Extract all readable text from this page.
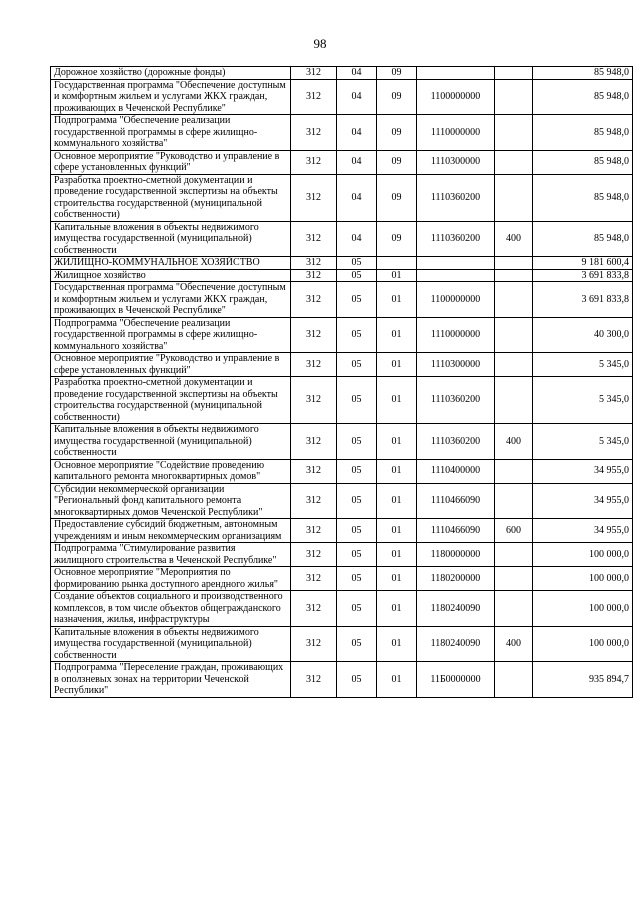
98
Дорожное хозяйство (дорожные фонды)	312	04	09			85 948,0
Государственная программа "Обеспечение доступным и комфортным жильем и услугами ЖКХ граждан, проживающих в Чеченской Республике"	312	04	09	1100000000		85 948,0
Подпрограмма "Обеспечение реализации государственной программы в сфере жилищно-коммунального хозяйства"	312	04	09	1110000000		85 948,0
Основное мероприятие "Руководство и управление в сфере установленных функций"	312	04	09	1110300000		85 948,0
Разработка проектно-сметной документации и проведение государственной экспертизы на объекты строительства государственной (муниципальной собственности)	312	04	09	1110360200		85 948,0
Капитальные вложения в объекты недвижимого имущества государственной (муниципальной) собственности	312	04	09	1110360200	400	85 948,0
ЖИЛИЩНО-КОММУНАЛЬНОЕ ХОЗЯЙСТВО	312	05				9 181 600,4
Жилищное хозяйство	312	05	01			3 691 833,8
Государственная программа "Обеспечение доступным и комфортным жильем и услугами ЖКХ граждан, проживающих в Чеченской Республике"	312	05	01	1100000000		3 691 833,8
Подпрограмма "Обеспечение реализации государственной программы в сфере жилищно-коммунального хозяйства"	312	05	01	1110000000		40 300,0
Основное мероприятие "Руководство и управление в сфере установленных функций"	312	05	01	1110300000		5 345,0
Разработка проектно-сметной документации и проведение государственной экспертизы на объекты строительства государственной (муниципальной собственности)	312	05	01	1110360200		5 345,0
Капитальные вложения в объекты недвижимого имущества государственной (муниципальной) собственности	312	05	01	1110360200	400	5 345,0
Основное мероприятие "Содействие проведению капитального ремонта многоквартирных домов"	312	05	01	1110400000		34 955,0
Субсидии некоммерческой организации "Региональный фонд капитального ремонта многоквартирных домов Чеченской Республики"	312	05	01	1110466090		34 955,0
Предоставление субсидий бюджетным, автономным учреждениям и иным некоммерческим организациям	312	05	01	1110466090	600	34 955,0
Подпрограмма "Стимулирование развития жилищного строительства в Чеченской Республике"	312	05	01	1180000000		100 000,0
Основное мероприятие "Мероприятия по формированию рынка доступного арендного жилья"	312	05	01	1180200000		100 000,0
Создание объектов социального и производственного комплексов, в том числе объектов общегражданского назначения, жилья, инфраструктуры	312	05	01	1180240090		100 000,0
Капитальные вложения в объекты недвижимого имущества государственной (муниципальной) собственности	312	05	01	1180240090	400	100 000,0
Подпрограмма "Переселение граждан, проживающих в оползневых зонах на территории Чеченской Республики"	312	05	01	11Б0000000		935 894,7
